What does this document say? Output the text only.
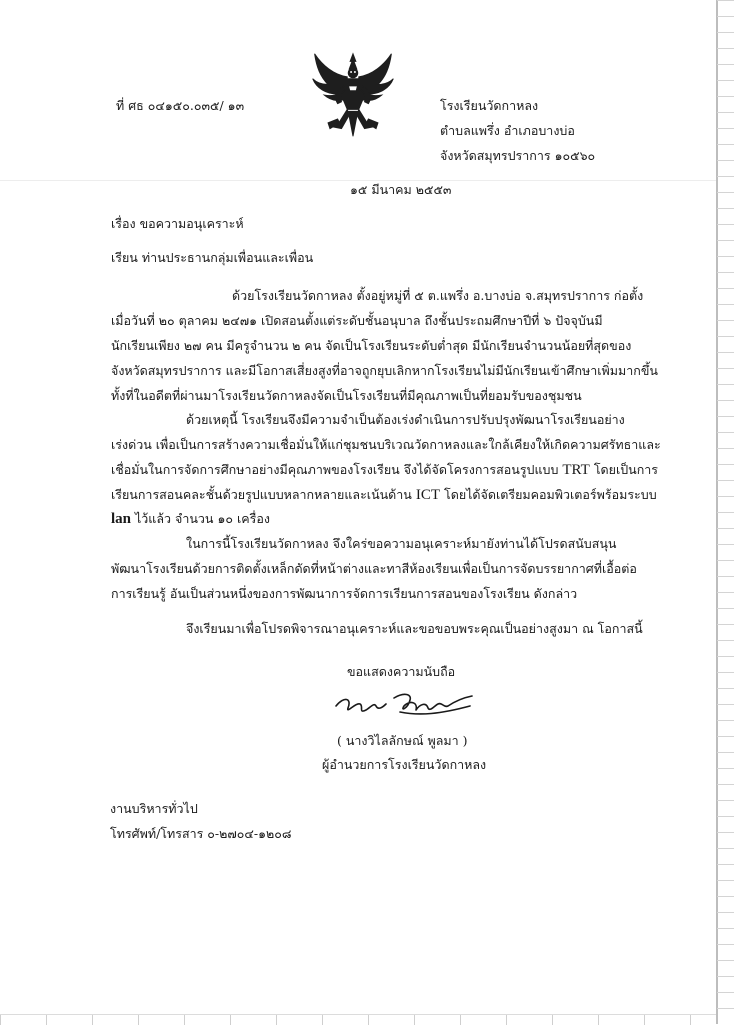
ที่ ศธ ๐๔๑๕๐.๐๓๕/ ๑๓	โรงเรียนวัดกาหลง
ตำบลแพรึ่ง อำเภอบางบ่อ
จังหวัดสมุทรปราการ ๑๐๕๖๐
๑๕ มีนาคม ๒๕๕๓
เรื่อง ขอความอนุเคราะห์
เรียน ท่านประธานกลุ่มเพื่อนและเพื่อน
ด้วยโรงเรียนวัดกาหลง ตั้งอยู่หมู่ที่ ๕ ต.แพรึ่ง อ.บางบ่อ จ.สมุทรปราการ ก่อตั้ง
เมื่อวันที่ ๒๐ ตุลาคม ๒๔๗๑ เปิดสอนตั้งแต่ระดับชั้นอนุบาล ถึงชั้นประถมศึกษาปีที่ ๖ ปัจจุบันมี
นักเรียนเพียง ๒๗ คน มีครูจำนวน ๒ คน จัดเป็นโรงเรียนระดับต่ำสุด มีนักเรียนจำนวนน้อยที่สุดของ
จังหวัดสมุทรปราการ และมีโอกาสเสี่ยงสูงที่อาจถูกยุบเลิกหากโรงเรียนไม่มีนักเรียนเข้าศึกษาเพิ่มมากขึ้น
ทั้งที่ในอดีตที่ผ่านมาโรงเรียนวัดกาหลงจัดเป็นโรงเรียนที่มีคุณภาพเป็นที่ยอมรับของชุมชน
ด้วยเหตุนี้ โรงเรียนจึงมีความจำเป็นต้องเร่งดำเนินการปรับปรุงพัฒนาโรงเรียนอย่าง
เร่งด่วน เพื่อเป็นการสร้างความเชื่อมั่นให้แก่ชุมชนบริเวณวัดกาหลงและใกล้เคียงให้เกิดความศรัทธาและ
เชื่อมั่นในการจัดการศึกษาอย่างมีคุณภาพของโรงเรียน จึงได้จัดโครงการสอนรูปแบบ TRT โดยเป็นการ
เรียนการสอนคละชั้นด้วยรูปแบบหลากหลายและเน้นด้าน ICT โดยได้จัดเตรียมคอมพิวเตอร์พร้อมระบบ
lan ไว้แล้ว จำนวน ๑๐ เครื่อง
ในการนี้โรงเรียนวัดกาหลง จึงใคร่ขอความอนุเคราะห์มายังท่านได้โปรดสนับสนุน
พัฒนาโรงเรียนด้วยการติดตั้งเหล็กดัดที่หน้าต่างและทาสีห้องเรียนเพื่อเป็นการจัดบรรยากาศที่เอื้อต่อ
การเรียนรู้ อันเป็นส่วนหนึ่งของการพัฒนาการจัดการเรียนการสอนของโรงเรียน ดังกล่าว
จึงเรียนมาเพื่อโปรดพิจารณาอนุเคราะห์และขอขอบพระคุณเป็นอย่างสูงมา ณ โอกาสนี้
ขอแสดงความนับถือ
( นางวิไลลักษณ์ พูลมา )
ผู้อำนวยการโรงเรียนวัดกาหลง
งานบริหารทั่วไป
โทรศัพท์/โทรสาร ๐-๒๗๐๔-๑๒๐๘
